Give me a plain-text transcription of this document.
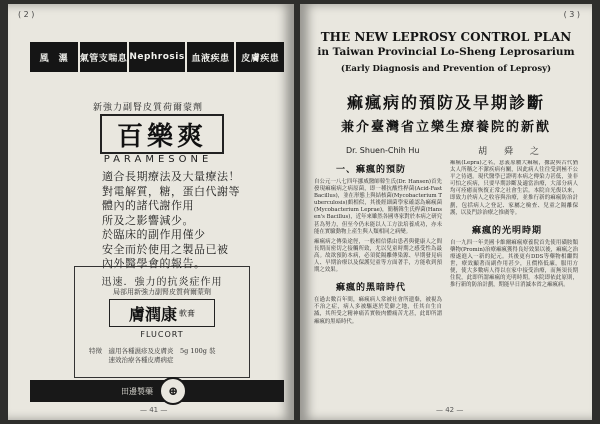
( 2 )
風　濕	氣管支喘息 Nephrosis 血液疾患	皮膚疾患
新強力副腎皮質荷爾蒙劑
百樂爽
PARAMESONE
適合長期療法及大量療法！
對電解質，糖，蛋白代謝等
體內的諸代謝作用
所及之影響減少。
於臨床的副作用僅少
安全而於使用之製品已被
內外醫學會的報告。
迅速．強力的抗炎症作用
局部用新強力副腎皮質荷爾蒙劑
膚潤康 軟膏
FLUCORT
特徵　適用各種濕疹及皮膚炎　5g 100g 裝
　　　速效治療各種皮膚病症
田邊製藥	⊕
— 41 —
( 3 )
THE NEW LEPROSY CONTROL PLAN
in Taiwan Provincial Lo-Sheng Leprosarium
(Early Diagnosis and Prevention of Leprosy)
痲瘋病的預防及早期診斷
兼介臺灣省立樂生療養院的新猷
Dr. Shuen-Chih Hu	胡　舜　之
一、痲瘋的預防

自公元一八七四年挪威醫師韓生氏(Dr. Hansen)首先發現痲瘋病之病原菌，即一種抗酸性桿菌(Acid-Fast Bacillus)，並在形態上與結核菌(Mycobacterium Tuberculosis)頗相似，其後經細菌學家確認為痲瘋菌(Mycobacterium Leprae)，簡稱韓生氏桿菌(Hansen's Bacillus)，近年來雖然各國專家對於本病之研究甚為努力，但至今仍未能以人工方法培養成功，亦未能在實驗動物上產生與人類相同之病變。

痲瘋病之傳染途徑，一般相信係由患者與健康人之間長期而密切之接觸所致，尤以兒童時期之感受性為最高。故欲預防本病，必須從隔離傳染源、早期發見病人、早期治療以及保護兒童等方面著手，方能收到預期之效果。

痲瘋的黑暗時代

在過去數百年間，痲瘋病人常被社會所遺棄，被視為不治之症，病人多被驅逐於荒僻之地，任其自生自滅，其所受之精神痛苦實較肉體痛苦尤甚，此即所謂痲瘋的黑暗時代。

痲瘋(Lepra)之名，意義原屬大痲瘋，據說與古代猶太人所稱之不潔疾病有關，因此病人往往受到極不公平之待遇。現代醫學已證明本病之傳染力甚低，並非可怕之疾病，只要早期診斷及適當治療，大部分病人均可痊癒而恢復正常之社會生活。本院自光復以來，即致力於病人之收容與治療，並推行新的痲瘋防治計劃，包括病人之登記、家屬之檢查、兒童之隔離保護，以及門診治療之推廣等。

痲瘋的光明時期

自一九四一年美國卡維爾痲瘋療養院首先使用磺胺類藥物(Promin)治療痲瘋獲得良好效果以後，痲瘋之治療遂進入一新的紀元。其後更有DDS等藥物相繼問世，療效顯著而副作用甚少，且價格低廉，服用方便，使大多數病人得以在家中接受治療，而無須長期住院，此即所謂痲瘋的光明時期。本院即依此原則，推行新的防治計劃，期能早日消滅本省之痲瘋病。

— 42 —
